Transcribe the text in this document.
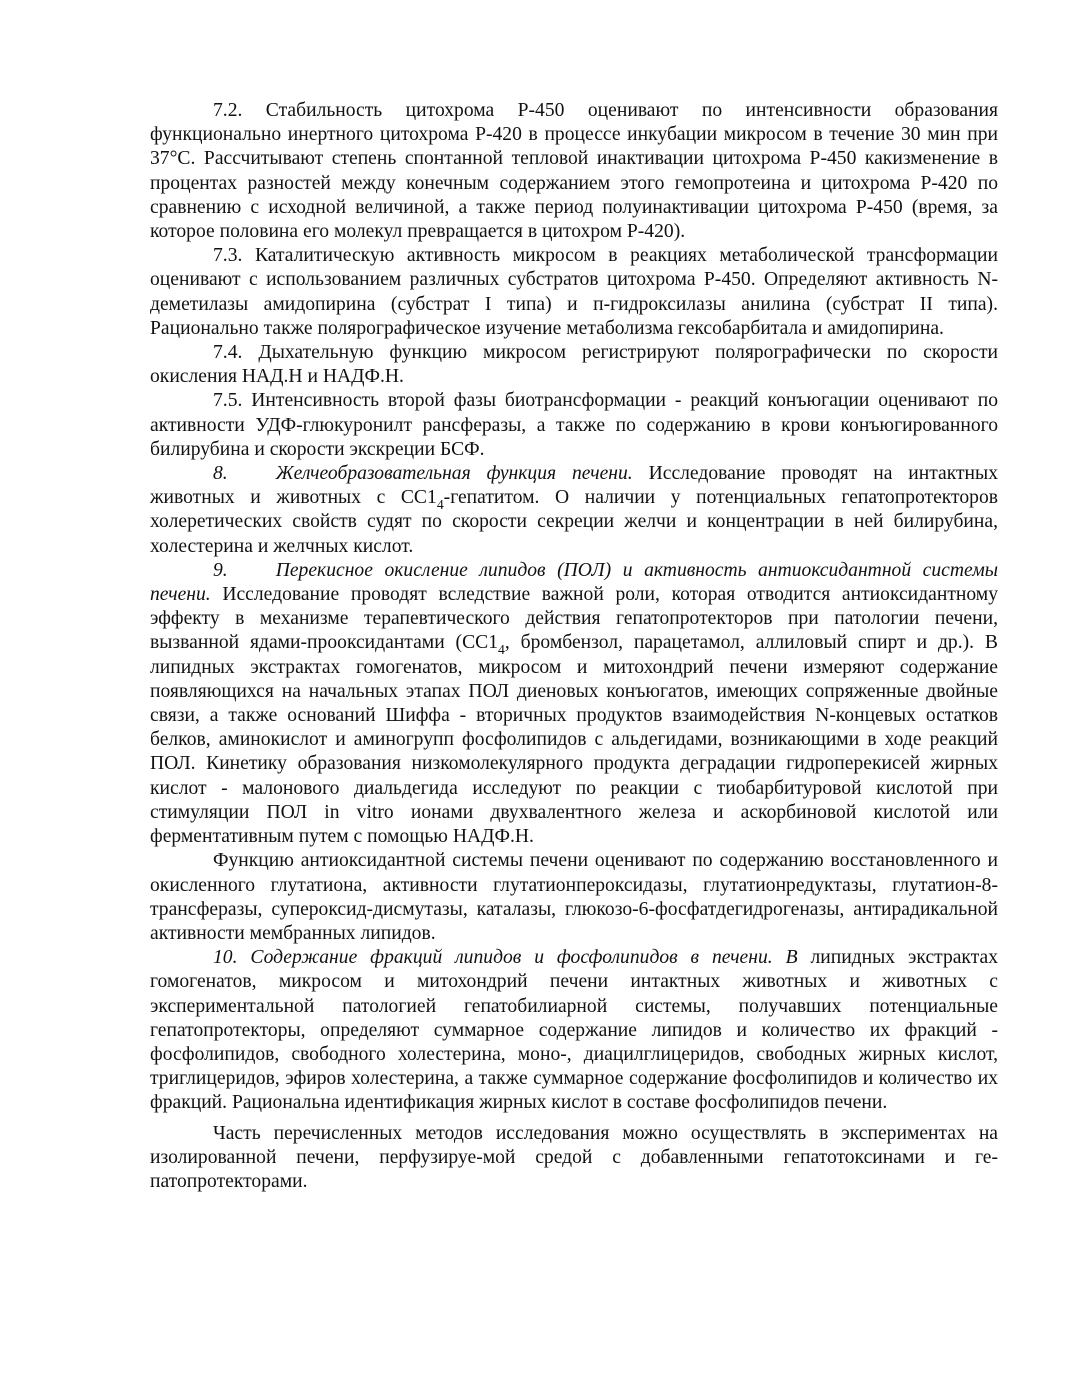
7.2. Стабильность цитохрома Р-450 оценивают по интенсивности образования функционально инертного цитохрома Р-420 в процессе инкубации микросом в течение 30 мин при 37°С. Рассчитывают степень спонтанной тепловой инактивации цитохрома Р-450 какизменение в процентах разностей между конечным содержанием этого гемопротеина и цитохрома Р-420 по сравнению с исходной величиной, а также период полуинактивации цитохрома Р-450 (время, за которое половина его молекул превращается в цитохром Р-420).

7.3. Каталитическую активность микросом в реакциях метаболической трансформации оценивают с использованием различных субстратов цитохрома Р-450. Определяют активность N-деметилазы амидопирина (субстрат I типа) и п-гидроксилазы анилина (субстрат II типа). Рационально также полярографическое изучение метаболизма гексобарбитала и амидопирина.

7.4. Дыхательную функцию микросом регистрируют полярографически по скорости окисления НАД.Н и НАДФ.Н.

7.5. Интенсивность второй фазы биотрансформации - реакций конъюгации оценивают по активности УДФ-глюкуронилт рансферазы, а также по содержанию в крови конъюгированного билирубина и скорости экскреции БСФ.

8. Желчеобразовательная функция печени. Исследование проводят на интактных животных и животных с $СС1_4$-гепатитом. О наличии у потенциальных гепатопротекторов холеретических свойств судят по скорости секреции желчи и концентрации в ней билирубина, холестерина и желчных кислот.

9. Перекисное окисление липидов (ПОЛ) и активность антиоксидантной системы печени. Исследование проводят вследствие важной роли, которая отводится антиоксидантному эффекту в механизме терапевтического действия гепатопротекторов при патологии печени, вызванной ядами-прооксидантами ($СС1_4$, бромбензол, парацетамол, аллиловый спирт и др.). В липидных экстрактах гомогенатов, микросом и митохондрий печени измеряют содержание появляющихся на начальных этапах ПОЛ диеновых конъюгатов, имеющих сопряженные двойные связи, а также оснований Шиффа - вторичных продуктов взаимодействия N-концевых остатков белков, аминокислот и аминогрупп фосфолипидов с альдегидами, возникающими в ходе реакций ПОЛ. Кинетику образования низкомолекулярного продукта деградации гидроперекисей жирных кислот - малонового диальдегида исследуют по реакции с тиобарбитуровой кислотой при стимуляции ПОЛ in vitro ионами двухвалентного железа и аскорбиновой кислотой или ферментативным путем с помощью НАДФ.Н.

Функцию антиоксидантной системы печени оценивают по содержанию восстановленного и окисленного глутатиона, активности глутатионпероксидазы, глутатионредуктазы, глутатион-8-трансферазы, супероксид-дисмутазы, каталазы, глюкозо-6-фосфатдегидрогеназы, антирадикальной активности мембранных липидов.

10. Содержание фракций липидов и фосфолипидов в печени. В липидных экстрактах гомогенатов, микросом и митохондрий печени интактных животных и животных с экспериментальной патологией гепатобилиарной системы, получавших потенциальные гепатопротекторы, определяют суммарное содержание липидов и количество их фракций - фосфолипидов, свободного холестерина, моно-, диацилглицеридов, свободных жирных кислот, триглицеридов, эфиров холестерина, а также суммарное содержание фосфолипидов и количество их фракций. Рациональна идентификация жирных кислот в составе фосфолипидов печени.

Часть перечисленных методов исследования можно осуществлять в экспериментах на изолированной печени, перфузируе-мой средой с добавленными гепатотоксинами и ге-патопротекторами.
